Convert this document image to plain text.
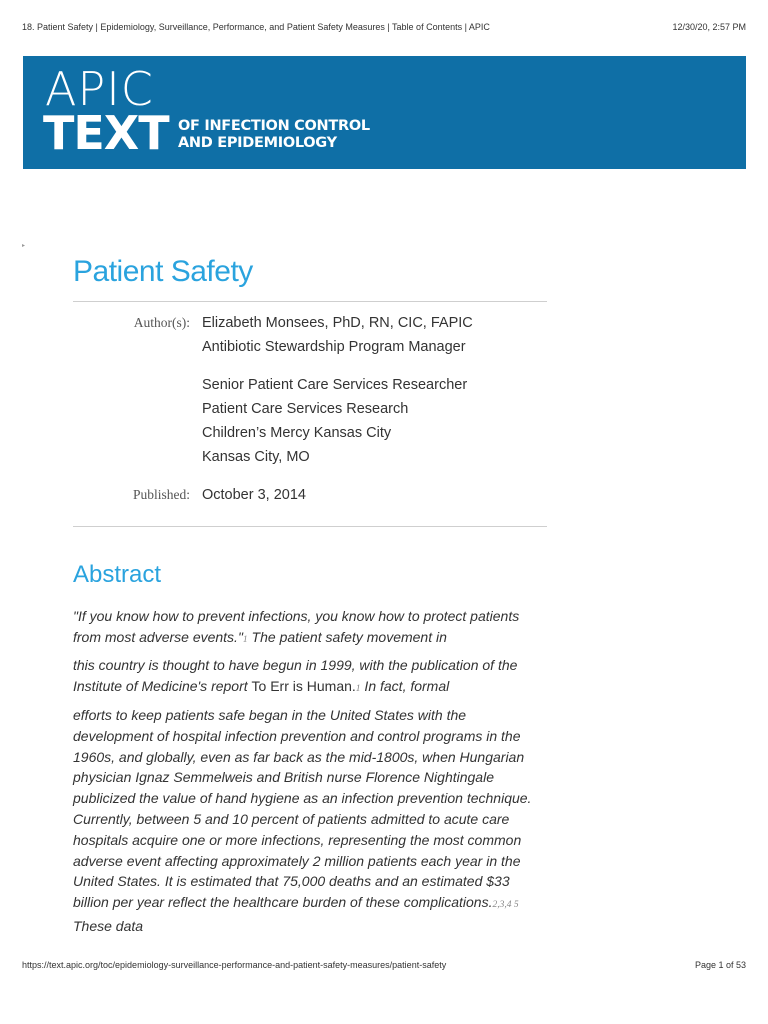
18. Patient Safety | Epidemiology, Surveillance, Performance, and Patient Safety Measures | Table of Contents | APIC	12/30/20, 2:57 PM
APIC
TEXT OF INFECTION CONTROL
AND EPIDEMIOLOGY
▸
Patient Safety
Author(s): Elizabeth Monsees, PhD, RN, CIC, FAPIC
Antibiotic Stewardship Program Manager
Senior Patient Care Services Researcher
Patient Care Services Research
Children’s Mercy Kansas City
Kansas City, MO
Published: October 3, 2014
Abstract

"If you know how to prevent infections, you know how to protect patients from most adverse events."1 The patient safety movement in

this country is thought to have begun in 1999, with the publication of the Institute of Medicine's report To Err is Human.1 In fact, formal

efforts to keep patients safe began in the United States with the development of hospital infection prevention and control programs in the 1960s, and globally, even as far back as the mid-1800s, when Hungarian physician Ignaz Semmelweis and British nurse Florence Nightingale publicized the value of hand hygiene as an infection prevention technique. Currently, between 5 and 10 percent of patients admitted to acute care hospitals acquire one or more infections, representing the most common adverse event affecting approximately 2 million patients each year in the United States. It is estimated that 75,000 deaths and an estimated $33 billion per year reflect the healthcare burden of these complications.2,3,4 5 These data

https://text.apic.org/toc/epidemiology-surveillance-performance-and-patient-safety-measures/patient-safety	Page 1 of 53
